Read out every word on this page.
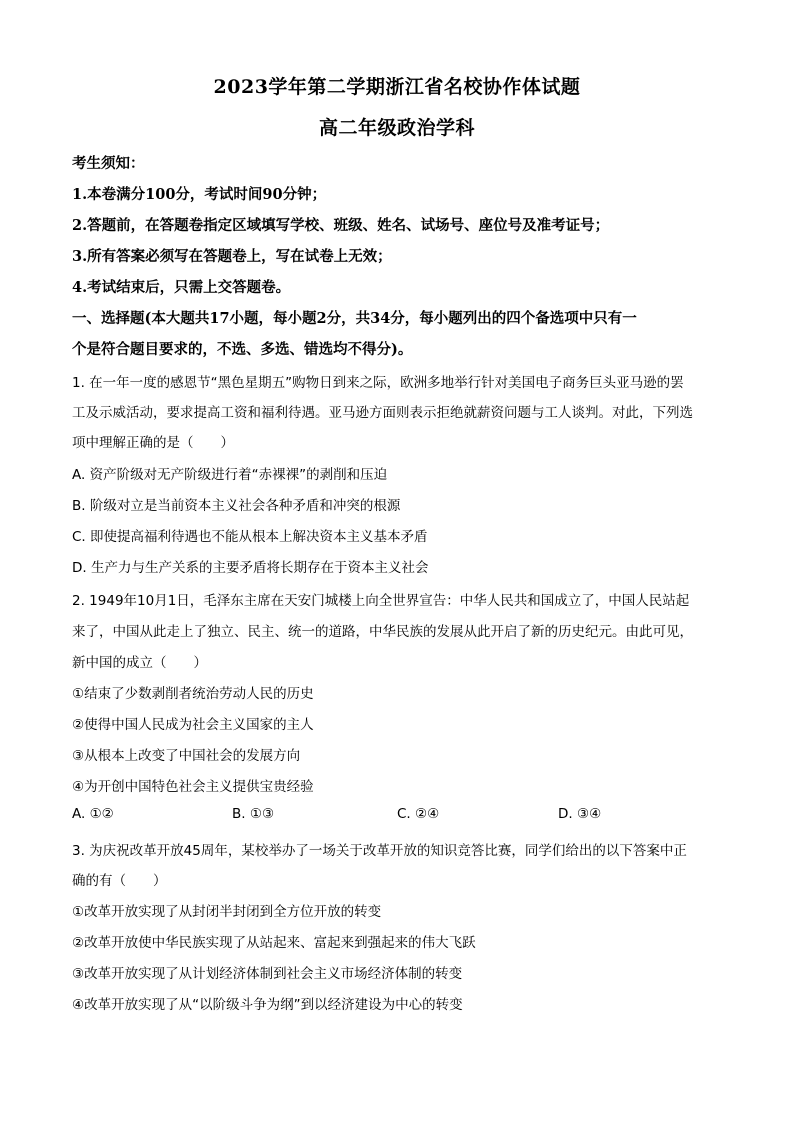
2023学年第二学期浙江省名校协作体试题
高二年级政治学科
考生须知：
1.本卷满分100分，考试时间90分钟；
2.答题前，在答题卷指定区域填写学校、班级、姓名、试场号、座位号及准考证号；
3.所有答案必须写在答题卷上，写在试卷上无效；
4.考试结束后，只需上交答题卷。
一、选择题(本大题共17小题，每小题2分，共34分，每小题列出的四个备选项中只有一
个是符合题目要求的，不选、多选、错选均不得分)。
1. 在一年一度的感恩节“黑色星期五”购物日到来之际，欧洲多地举行针对美国电子商务巨头亚马逊的罢
工及示威活动，要求提高工资和福利待遇。亚马逊方面则表示拒绝就薪资问题与工人谈判。对此，下列选
项中理解正确的是（　　）
A. 资产阶级对无产阶级进行着“赤裸裸”的剥削和压迫
B. 阶级对立是当前资本主义社会各种矛盾和冲突的根源
C. 即使提高福利待遇也不能从根本上解决资本主义基本矛盾
D. 生产力与生产关系的主要矛盾将长期存在于资本主义社会
2. 1949年10月1日，毛泽东主席在天安门城楼上向全世界宣告：中华人民共和国成立了，中国人民站起
来了，中国从此走上了独立、民主、统一的道路，中华民族的发展从此开启了新的历史纪元。由此可见，
新中国的成立（　　）
①结束了少数剥削者统治劳动人民的历史
②使得中国人民成为社会主义国家的主人
③从根本上改变了中国社会的发展方向
④为开创中国特色社会主义提供宝贵经验
A. ①②	B. ①③	C. ②④	D. ③④
3. 为庆祝改革开放45周年，某校举办了一场关于改革开放的知识竞答比赛，同学们给出的以下答案中正
确的有（　　）
①改革开放实现了从封闭半封闭到全方位开放的转变
②改革开放使中华民族实现了从站起来、富起来到强起来的伟大飞跃
③改革开放实现了从计划经济体制到社会主义市场经济体制的转变
④改革开放实现了从“以阶级斗争为纲”到以经济建设为中心的转变
